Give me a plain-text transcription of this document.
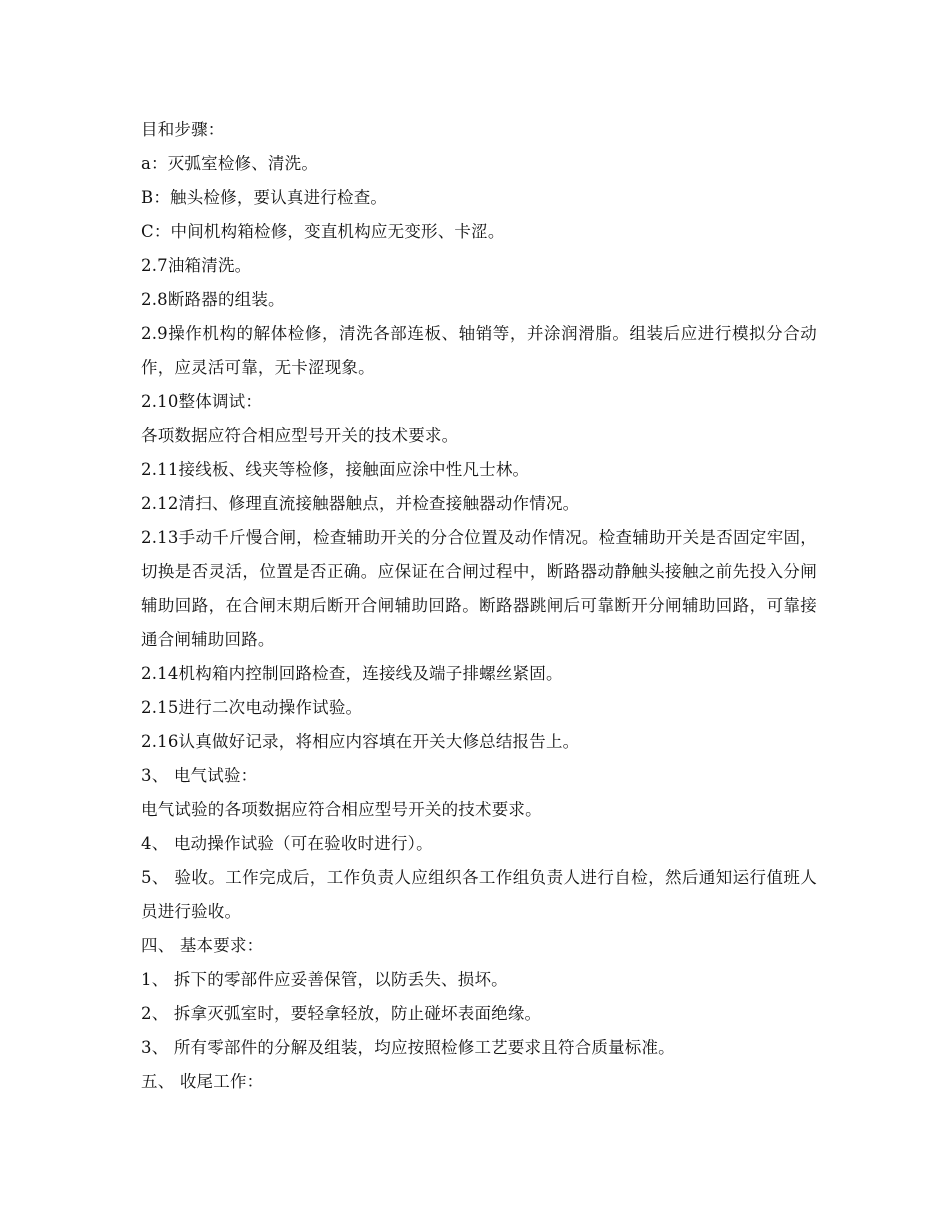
目和步骤：

a：灭弧室检修、清洗。

B：触头检修，要认真进行检查。

C：中间机构箱检修，变直机构应无变形、卡涩。

2.7油箱清洗。

2.8断路器的组装。

2.9操作机构的解体检修，清洗各部连板、轴销等，并涂润滑脂。组装后应进行模拟分合动作，应灵活可靠，无卡涩现象。

2.10整体调试：

各项数据应符合相应型号开关的技术要求。

2.11接线板、线夹等检修，接触面应涂中性凡士林。

2.12清扫、修理直流接触器触点，并检查接触器动作情况。

2.13手动千斤慢合闸，检查辅助开关的分合位置及动作情况。检查辅助开关是否固定牢固，切换是否灵活，位置是否正确。应保证在合闸过程中，断路器动静触头接触之前先投入分闸辅助回路，在合闸末期后断开合闸辅助回路。断路器跳闸后可靠断开分闸辅助回路，可靠接通合闸辅助回路。

2.14机构箱内控制回路检查，连接线及端子排螺丝紧固。

2.15进行二次电动操作试验。

2.16认真做好记录，将相应内容填在开关大修总结报告上。

3、 电气试验：

电气试验的各项数据应符合相应型号开关的技术要求。

4、 电动操作试验（可在验收时进行）。

5、 验收。工作完成后，工作负责人应组织各工作组负责人进行自检，然后通知运行值班人员进行验收。

四、 基本要求：

1、 拆下的零部件应妥善保管，以防丢失、损坏。

2、 拆拿灭弧室时，要轻拿轻放，防止碰坏表面绝缘。

3、 所有零部件的分解及组装，均应按照检修工艺要求且符合质量标准。

五、 收尾工作：
